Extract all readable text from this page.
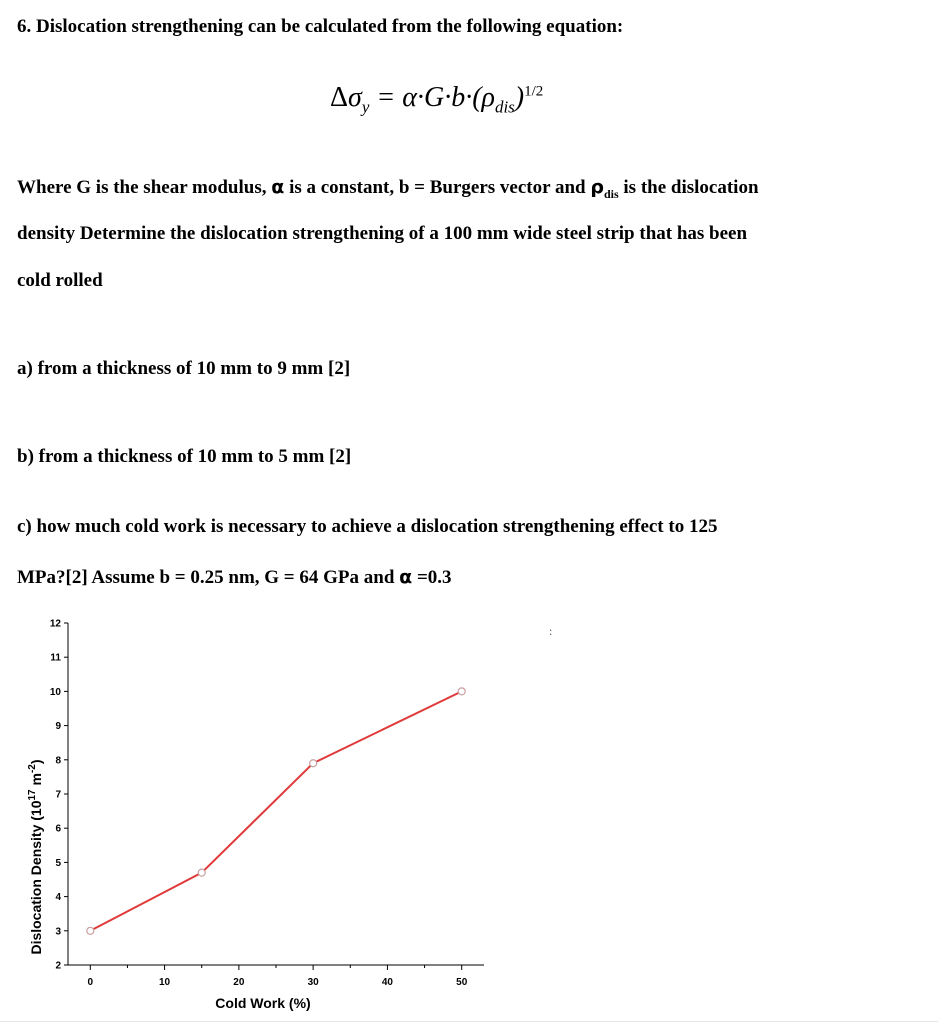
6. Dislocation strengthening can be calculated from the following equation:
$\Delta\sigma_y = \alpha\cdot G\cdot b\cdot(\rho_{dis})^{1/2}$
Where G is the shear modulus, α is a constant, b = Burgers vector and $\rho_{dis}$ is the dislocation
density Determine the dislocation strengthening of a 100 mm wide steel strip that has been
cold rolled
a) from a thickness of 10 mm to 9 mm [2]
b) from a thickness of 10 mm to 5 mm [2]
c) how much cold work is necessary to achieve a dislocation strengthening effect to 125
MPa?[2] Assume b = 0.25 nm, G = 64 GPa and α =0.3
2
3
4
5
6
7
8
9
10
11
12
0	10	20	30	40	50
Cold Work (%)
Dislocation Density ($10^{17}$ $m^{-2}$)
:
